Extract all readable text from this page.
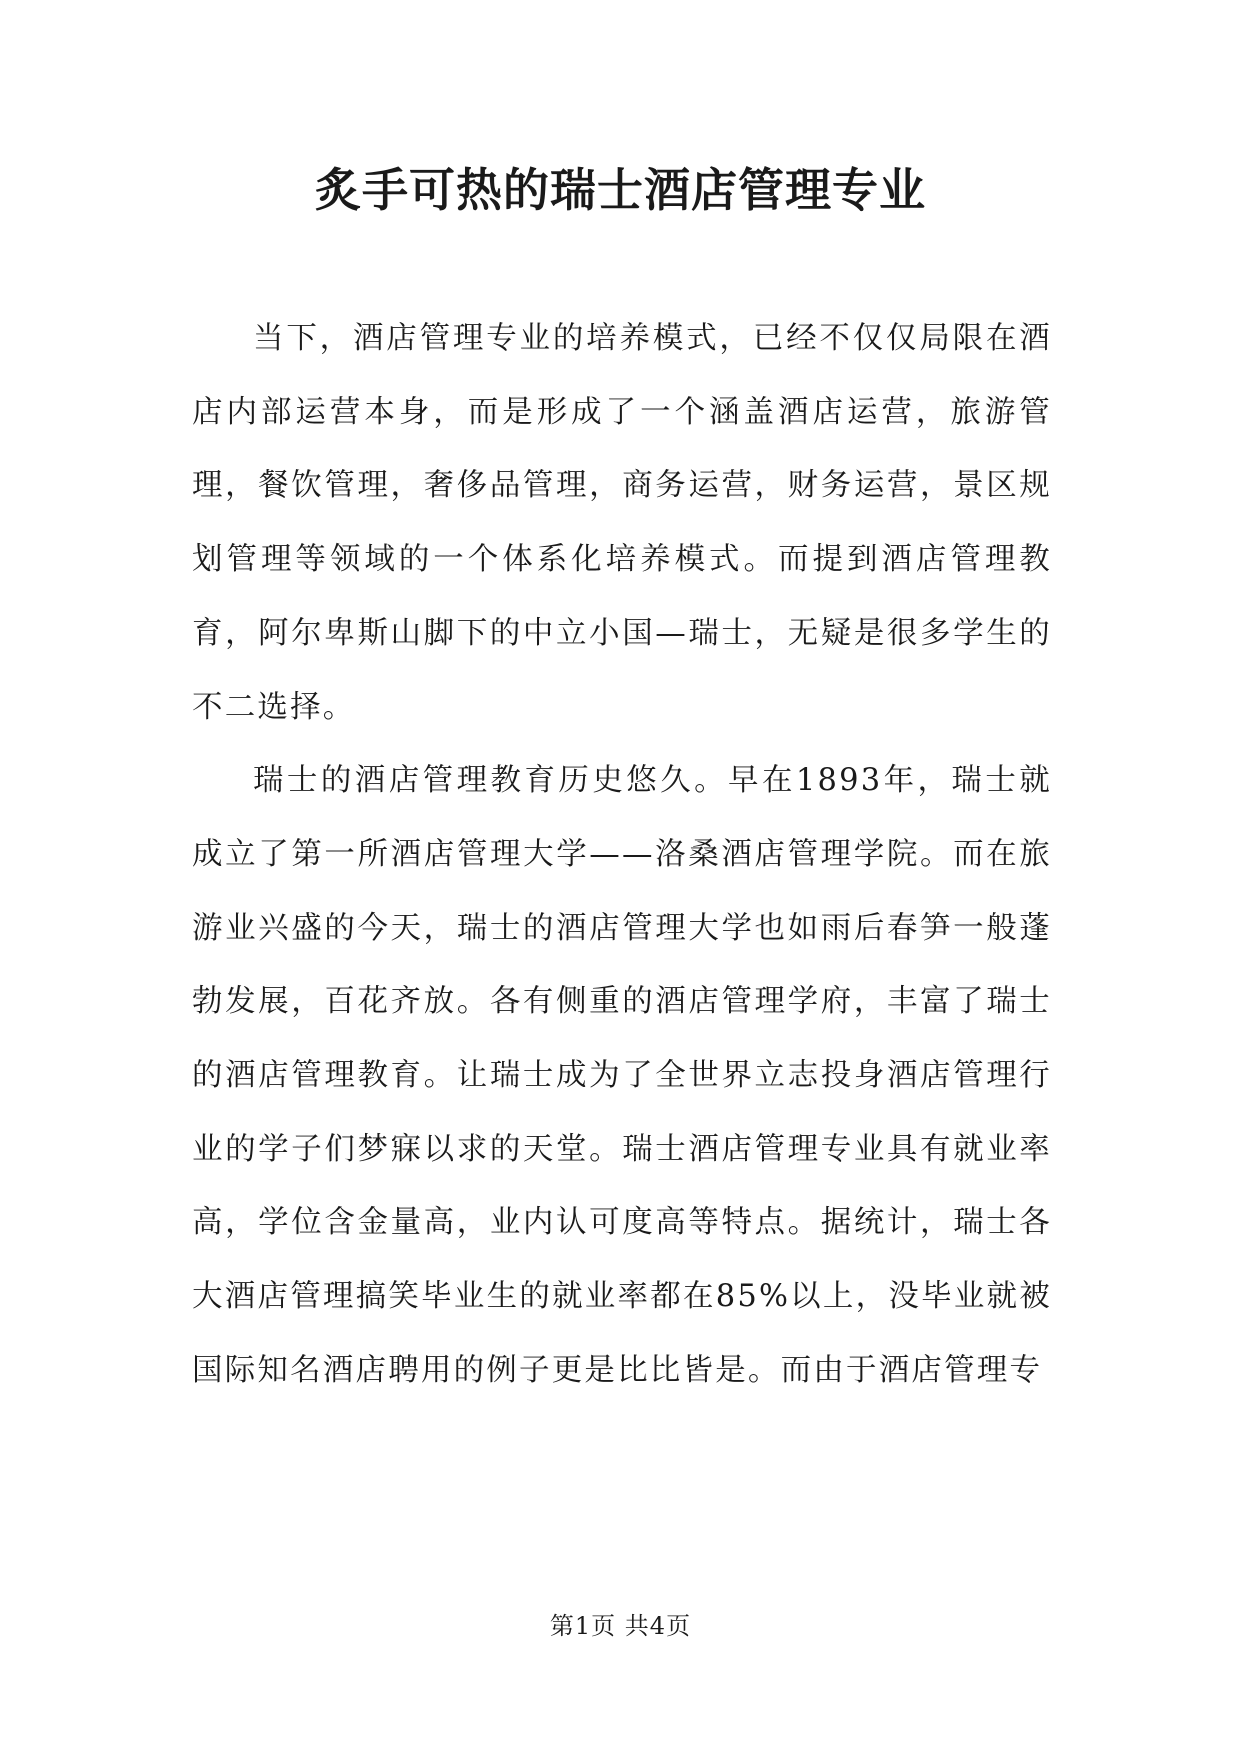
炙手可热的瑞士酒店管理专业

当下，酒店管理专业的培养模式，已经不仅仅局限在酒店内部运营本身，而是形成了一个涵盖酒店运营，旅游管理，餐饮管理，奢侈品管理，商务运营，财务运营，景区规划管理等领域的一个体系化培养模式。而提到酒店管理教育，阿尔卑斯山脚下的中立小国—瑞士，无疑是很多学生的不二选择。

瑞士的酒店管理教育历史悠久。早在1893年，瑞士就成立了第一所酒店管理大学——洛桑酒店管理学院。而在旅游业兴盛的今天，瑞士的酒店管理大学也如雨后春笋一般蓬勃发展，百花齐放。各有侧重的酒店管理学府，丰富了瑞士的酒店管理教育。让瑞士成为了全世界立志投身酒店管理行业的学子们梦寐以求的天堂。瑞士酒店管理专业具有就业率高，学位含金量高，业内认可度高等特点。据统计，瑞士各大酒店管理搞笑毕业生的就业率都在85%以上，没毕业就被国际知名酒店聘用的例子更是比比皆是。而由于酒店管理专

第1页 共4页
